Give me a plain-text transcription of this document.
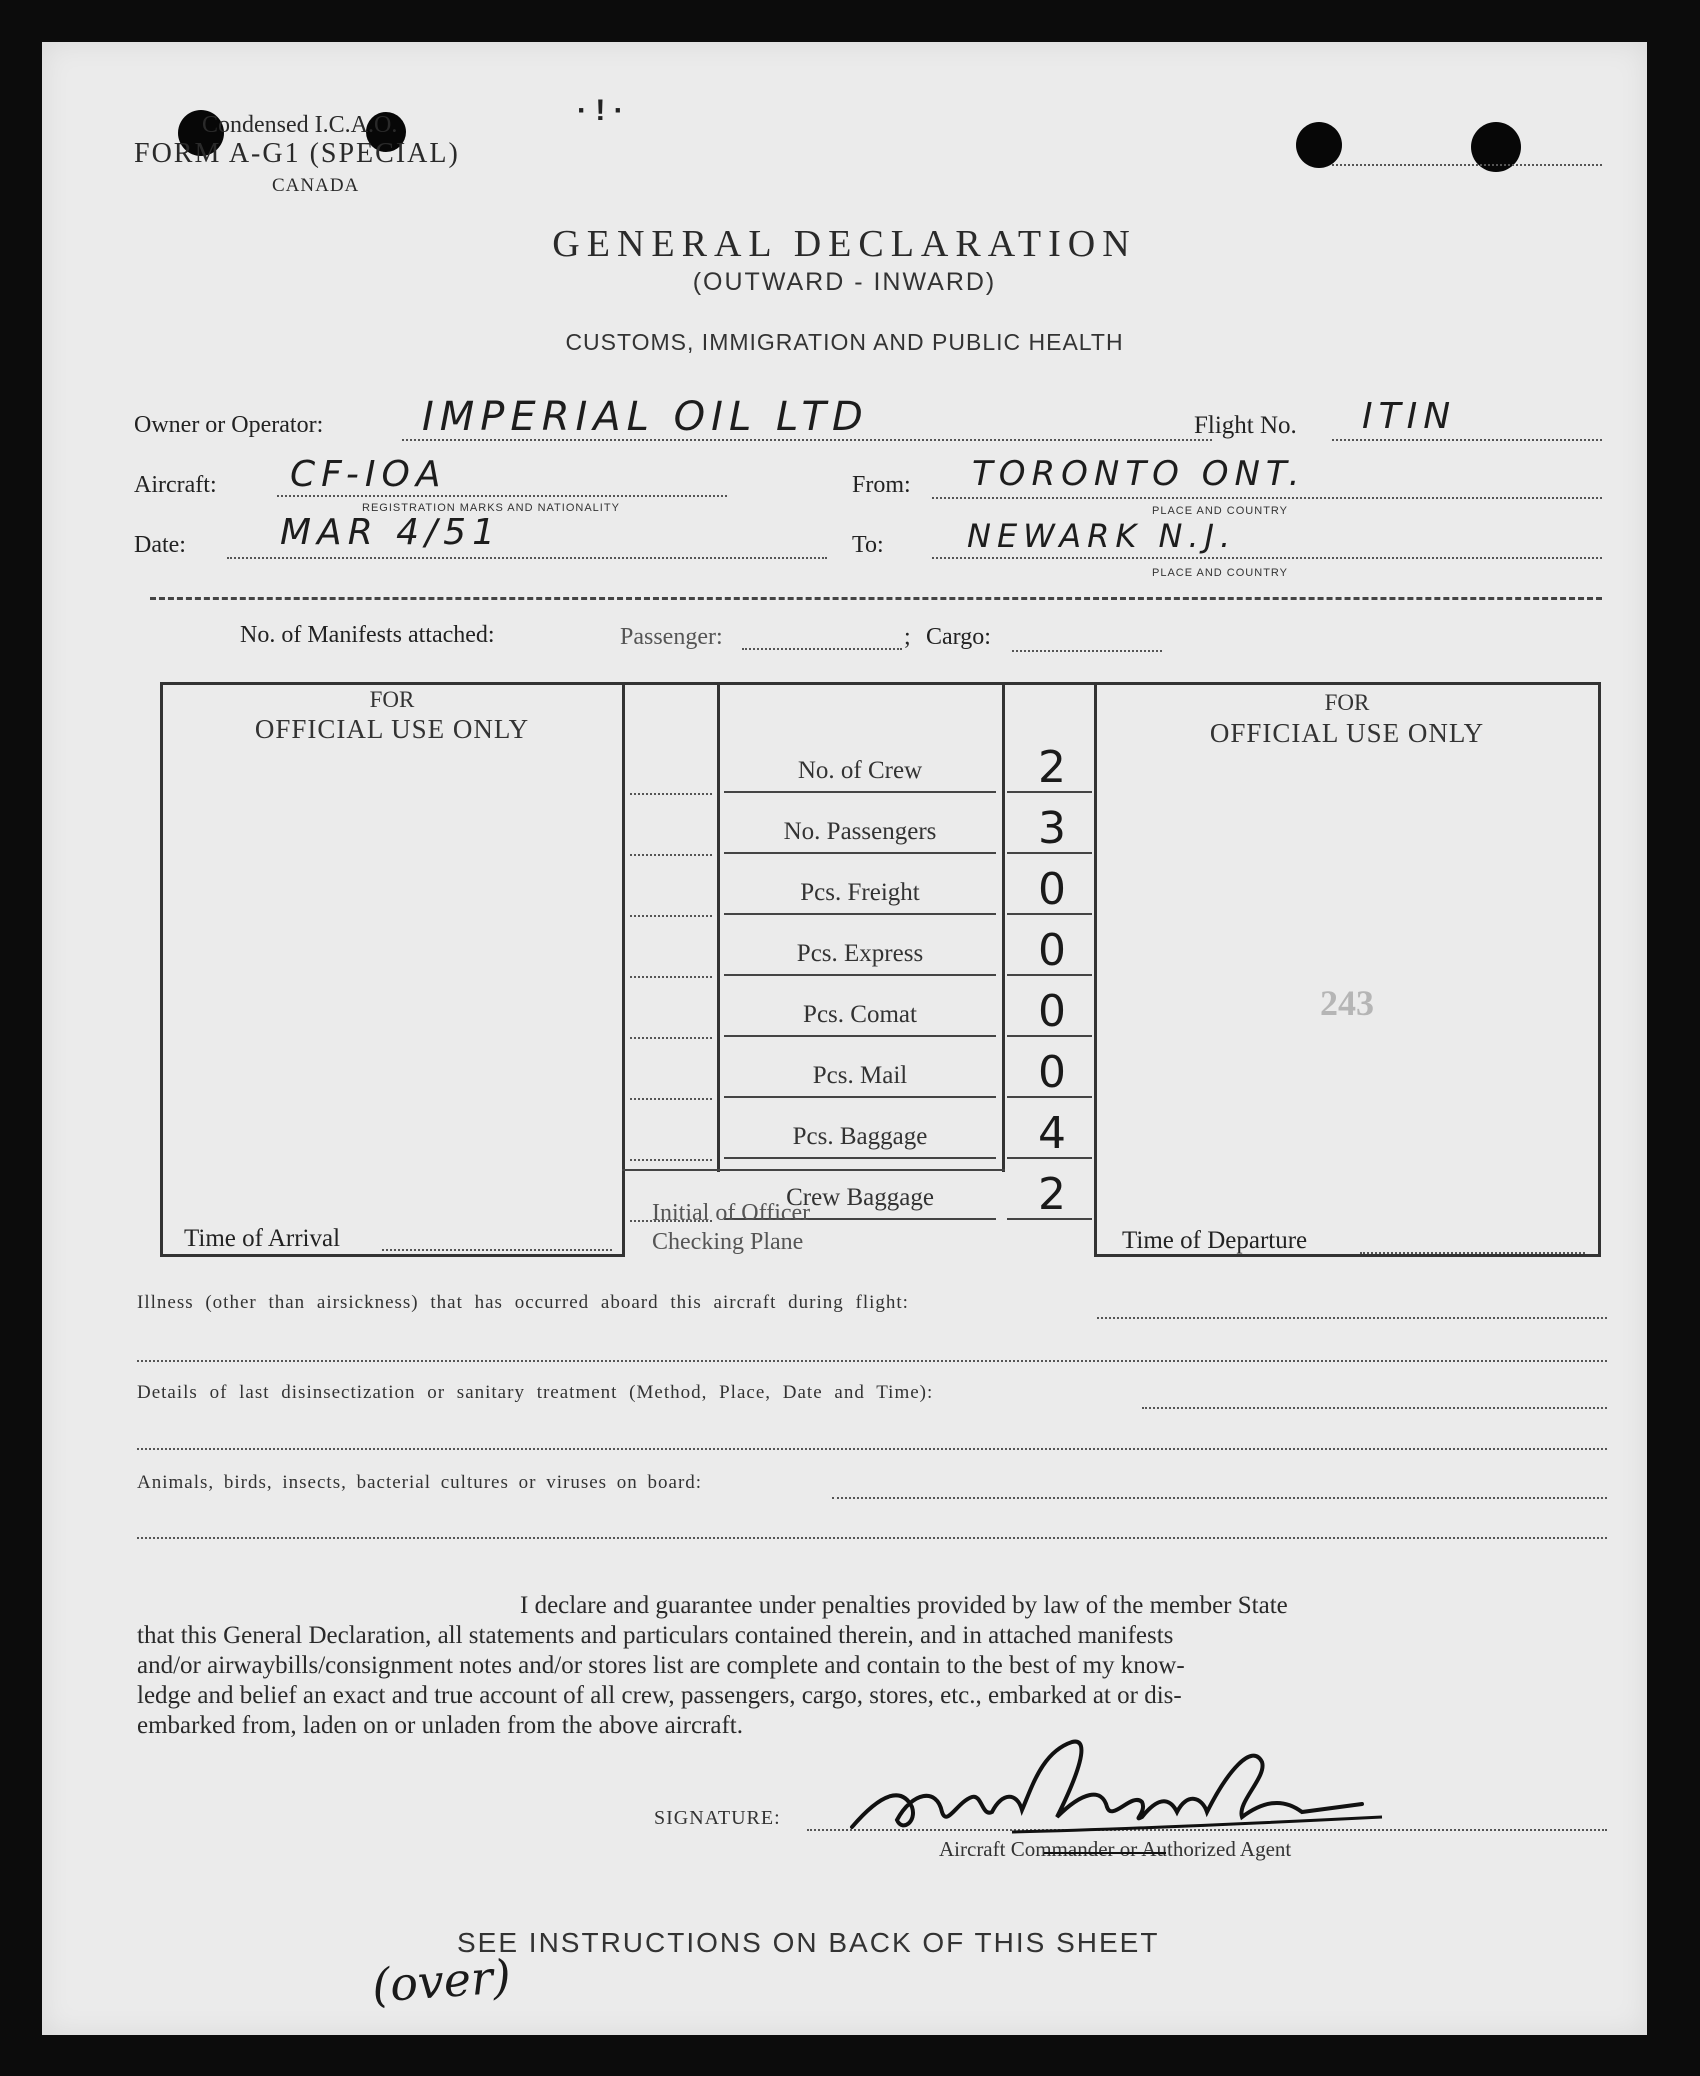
Condensed I.C.A.O.
FORM A-G1 (SPECIAL)
CANADA
· ! ·
GENERAL DECLARATION
(OUTWARD - INWARD)
CUSTOMS, IMMIGRATION AND PUBLIC HEALTH
Owner or Operator: IMPERIAL OIL LTD	Flight No. ITIN
Aircraft: CF-IOA
REGISTRATION MARKS AND NATIONALITY
From: TORONTO ONT.
PLACE AND COUNTRY
Date:	MAR 4/51	To:	NEWARK N.J.
PLACE AND COUNTRY
No. of Manifests attached:	Passenger:	; Cargo:
FOR
OFFICIAL USE ONLY
Time of Arrival
FOR
OFFICIAL USE ONLY
243
Time of Departure
No. of Crew	2
No. Passengers	3
Pcs. Freight	0
Pcs. Express	0
Pcs. Comat	0
Pcs. Mail	0
Pcs. Baggage	4
Crew Baggage	2
Initial of Officer
Checking Plane
Illness (other than airsickness) that has occurred aboard this aircraft during flight:
Details of last disinsectization or sanitary treatment (Method, Place, Date and Time):
Animals, birds, insects, bacterial cultures or viruses on board:
I declare and guarantee under penalties provided by law of the member State
that this General Declaration, all statements and particulars contained therein, and in attached manifests
and/or airwaybills/consignment notes and/or stores list are complete and contain to the best of my know-
ledge and belief an exact and true account of all crew, passengers, cargo, stores, etc., embarked at or dis-
embarked from, laden on or unladen from the above aircraft.
SIGNATURE:
Aircraft Commander or Authorized Agent
SEE INSTRUCTIONS ON BACK OF THIS SHEET
(over)
